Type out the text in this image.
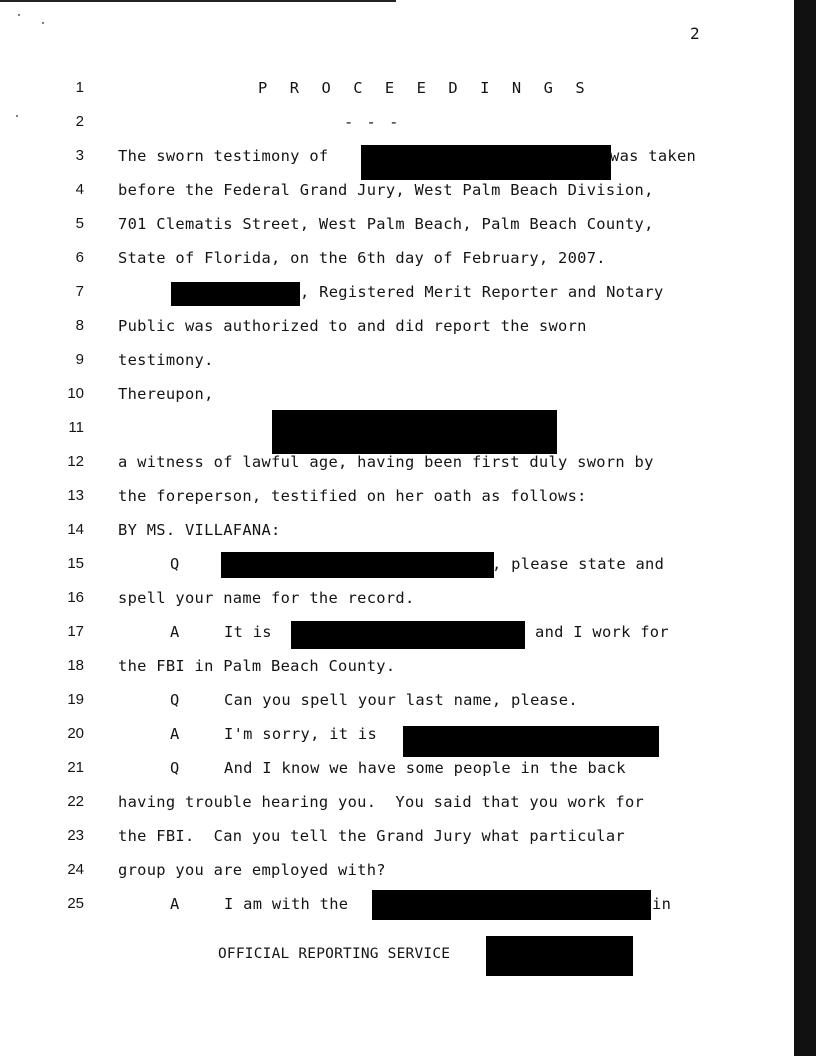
2
1
2
3
4
5
6
7
8
9
10
11
12
13
14
15
16
17
18
19
20
21
22
23
24
25
P R O C E E D I N G S
- - -
The sworn testimony of	was taken
before the Federal Grand Jury, West Palm Beach Division,
701 Clematis Street, West Palm Beach, Palm Beach County,
State of Florida, on the 6th day of February, 2007.
, Registered Merit Reporter and Notary
Public was authorized to and did report the sworn
testimony.
Thereupon,
a witness of lawful age, having been first duly sworn by
the foreperson, testified on her oath as follows:
BY MS. VILLAFANA:
Q	, please state and
spell your name for the record.
A	It is	and I work for
the FBI in Palm Beach County.
Q	Can you spell your last name, please.
A	I'm sorry, it is
Q	And I know we have some people in the back
having trouble hearing you.  You said that you work for
the FBI.  Can you tell the Grand Jury what particular
group you are employed with?
A	I am with the	in
OFFICIAL REPORTING SERVICE
